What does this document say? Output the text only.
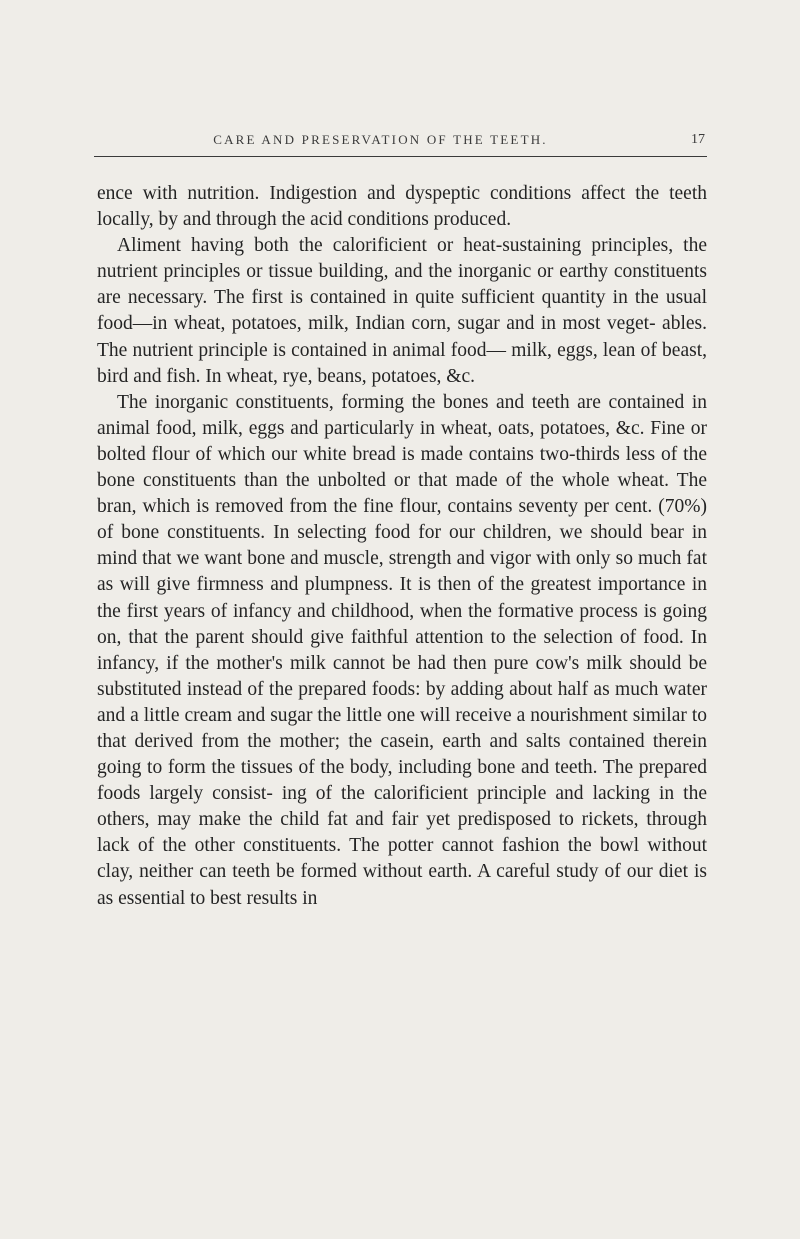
CARE AND PRESERVATION OF THE TEETH.	17

ence with nutrition. Indigestion and dyspeptic conditions affect the teeth locally, by and through the acid conditions produced.

Aliment having both the calorificient or heat-sustaining principles, the nutrient principles or tissue building, and the inorganic or earthy constituents are necessary. The first is contained in quite sufficient quantity in the usual food—in wheat, potatoes, milk, Indian corn, sugar and in most veget- ables. The nutrient principle is contained in animal food— milk, eggs, lean of beast, bird and fish. In wheat, rye, beans, potatoes, &c.

The inorganic constituents, forming the bones and teeth are contained in animal food, milk, eggs and particularly in wheat, oats, potatoes, &c. Fine or bolted flour of which our white bread is made contains two-thirds less of the bone constituents than the unbolted or that made of the whole wheat. The bran, which is removed from the fine flour, contains seventy per cent. (70%) of bone constituents. In selecting food for our children, we should bear in mind that we want bone and muscle, strength and vigor with only so much fat as will give firmness and plumpness. It is then of the greatest importance in the first years of infancy and childhood, when the formative process is going on, that the parent should give faithful attention to the selection of food. In infancy, if the mother's milk cannot be had then pure cow's milk should be substituted instead of the prepared foods: by adding about half as much water and a little cream and sugar the little one will receive a nourishment similar to that derived from the mother; the casein, earth and salts contained therein going to form the tissues of the body, including bone and teeth. The prepared foods largely consist- ing of the calorificient principle and lacking in the others, may make the child fat and fair yet predisposed to rickets, through lack of the other constituents. The potter cannot fashion the bowl without clay, neither can teeth be formed without earth. A careful study of our diet is as essential to best results in
